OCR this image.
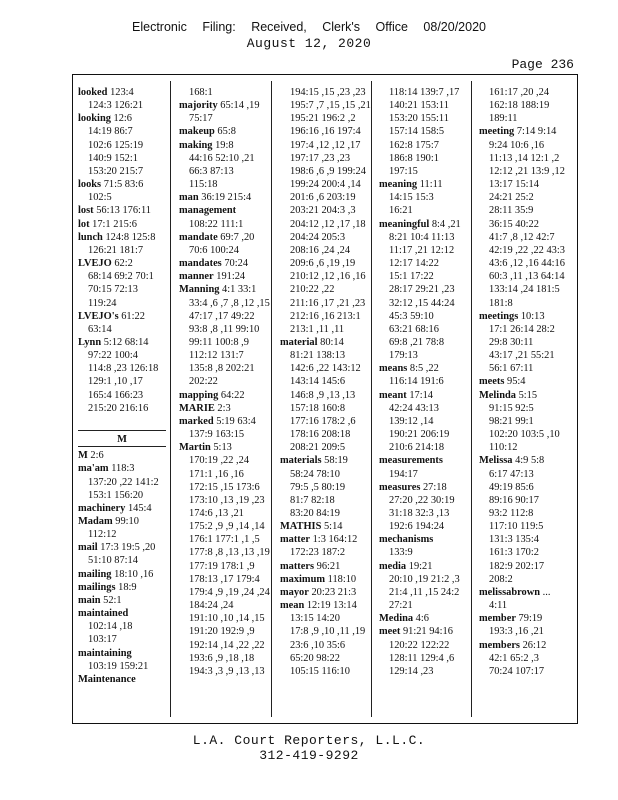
Electronic Filing: Received, Clerk's Office 08/20/2020
August 12, 2020
Page 236
looked 123:4
124:3 126:21
looking 12:6
14:19 86:7
102:6 125:19
140:9 152:1
153:20 215:7
looks 71:5 83:6
102:5
lost 56:13 176:11
lot 17:1 215:6
lunch 124:8 125:8
126:21 181:7
LVEJO 62:2
68:14 69:2 70:1
70:15 72:13
119:24
LVEJO's 61:22
63:14
Lynn 5:12 68:14
97:22 100:4
114:8 ,23 126:18
129:1 ,10 ,17
165:4 166:23
215:20 216:16

M
M 2:6
ma'am 118:3
137:20 ,22 141:2
153:1 156:20
machinery 145:4
Madam 99:10
112:12
mail 17:3 19:5 ,20
51:10 87:14
mailing 18:10 ,16
mailings 18:9
main 52:1
maintained
102:14 ,18
103:17
maintaining
103:19 159:21
Maintenance
168:1
majority 65:14 ,19
75:17
makeup 65:8
making 19:8
44:16 52:10 ,21
66:3 87:13
115:18
man 36:19 215:4
management
108:22 111:1
mandate 69:7 ,20
70:6 100:24
mandates 70:24
manner 191:24
Manning 4:1 33:1
33:4 ,6 ,7 ,8 ,12 ,15
47:17 ,17 49:22
93:8 ,8 ,11 99:10
99:11 100:8 ,9
112:12 131:7
135:8 ,8 202:21
202:22
mapping 64:22
MARIE 2:3
marked 5:19 63:4
137:9 163:15
Martin 5:13
170:19 ,22 ,24
171:1 ,16 ,16
172:15 ,15 173:6
173:10 ,13 ,19 ,23
174:6 ,13 ,21
175:2 ,9 ,9 ,14 ,14
176:1 177:1 ,1 ,5
177:8 ,8 ,13 ,13 ,19
177:19 178:1 ,9
178:13 ,17 179:4
179:4 ,9 ,19 ,24 ,24
184:24 ,24
191:10 ,10 ,14 ,15
191:20 192:9 ,9
192:14 ,14 ,22 ,22
193:6 ,9 ,18 ,18
194:3 ,3 ,9 ,13 ,13
194:15 ,15 ,23 ,23
195:7 ,7 ,15 ,15 ,21
195:21 196:2 ,2
196:16 ,16 197:4
197:4 ,12 ,12 ,17
197:17 ,23 ,23
198:6 ,6 ,9 199:24
199:24 200:4 ,14
201:6 ,6 203:19
203:21 204:3 ,3
204:12 ,12 ,17 ,18
204:24 205:3
208:16 ,24 ,24
209:6 ,6 ,19 ,19
210:12 ,12 ,16 ,16
210:22 ,22
211:16 ,17 ,21 ,23
212:16 ,16 213:1
213:1 ,11 ,11
material 80:14
81:21 138:13
142:6 ,22 143:12
143:14 145:6
146:8 ,9 ,13 ,13
157:18 160:8
177:16 178:2 ,6
178:16 208:18
208:21 209:5
materials 58:19
58:24 78:10
79:5 ,5 80:19
81:7 82:18
83:20 84:19
MATHIS 5:14
matter 1:3 164:12
172:23 187:2
matters 96:21
maximum 118:10
mayor 20:23 21:3
mean 12:19 13:14
13:15 14:20
17:8 ,9 ,10 ,11 ,19
23:6 ,10 35:6
65:20 98:22
105:15 116:10
118:14 139:7 ,17
140:21 153:11
153:20 155:11
157:14 158:5
162:8 175:7
186:8 190:1
197:15
meaning 11:11
14:15 15:3
16:21
meaningful 8:4 ,21
8:21 10:4 11:13
11:17 ,21 12:12
12:17 14:22
15:1 17:22
28:17 29:21 ,23
32:12 ,15 44:24
45:3 59:10
63:21 68:16
69:8 ,21 78:8
179:13
means 8:5 ,22
116:14 191:6
meant 17:14
42:24 43:13
139:12 ,14
190:21 206:19
210:6 214:18
measurements
194:17
measures 27:18
27:20 ,22 30:19
31:18 32:3 ,13
192:6 194:24
mechanisms
133:9
media 19:21
20:10 ,19 21:2 ,3
21:4 ,11 ,15 24:2
27:21
Medina 4:6
meet 91:21 94:16
120:22 122:22
128:11 129:4 ,6
129:14 ,23
161:17 ,20 ,24
162:18 188:19
189:11
meeting 7:14 9:14
9:24 10:6 ,16
11:13 ,14 12:1 ,2
12:12 ,21 13:9 ,12
13:17 15:14
24:21 25:2
28:11 35:9
36:15 40:22
41:7 ,8 ,12 42:7
42:19 ,22 ,22 43:3
43:6 ,12 ,16 44:16
60:3 ,11 ,13 64:14
133:14 ,24 181:5
181:8
meetings 10:13
17:1 26:14 28:2
29:8 30:11
43:17 ,21 55:21
56:1 67:11
meets 95:4
Melinda 5:15
91:15 92:5
98:21 99:1
102:20 103:5 ,10
110:12
Melissa 4:9 5:8
6:17 47:13
49:19 85:6
89:16 90:17
93:2 112:8
117:10 119:5
131:3 135:4
161:3 170:2
182:9 202:17
208:2
melissabrown ...
4:11
member 79:19
193:3 ,16 ,21
members 26:12
42:1 65:2 ,3
70:24 107:17
L.A. Court Reporters, L.L.C.
312-419-9292
